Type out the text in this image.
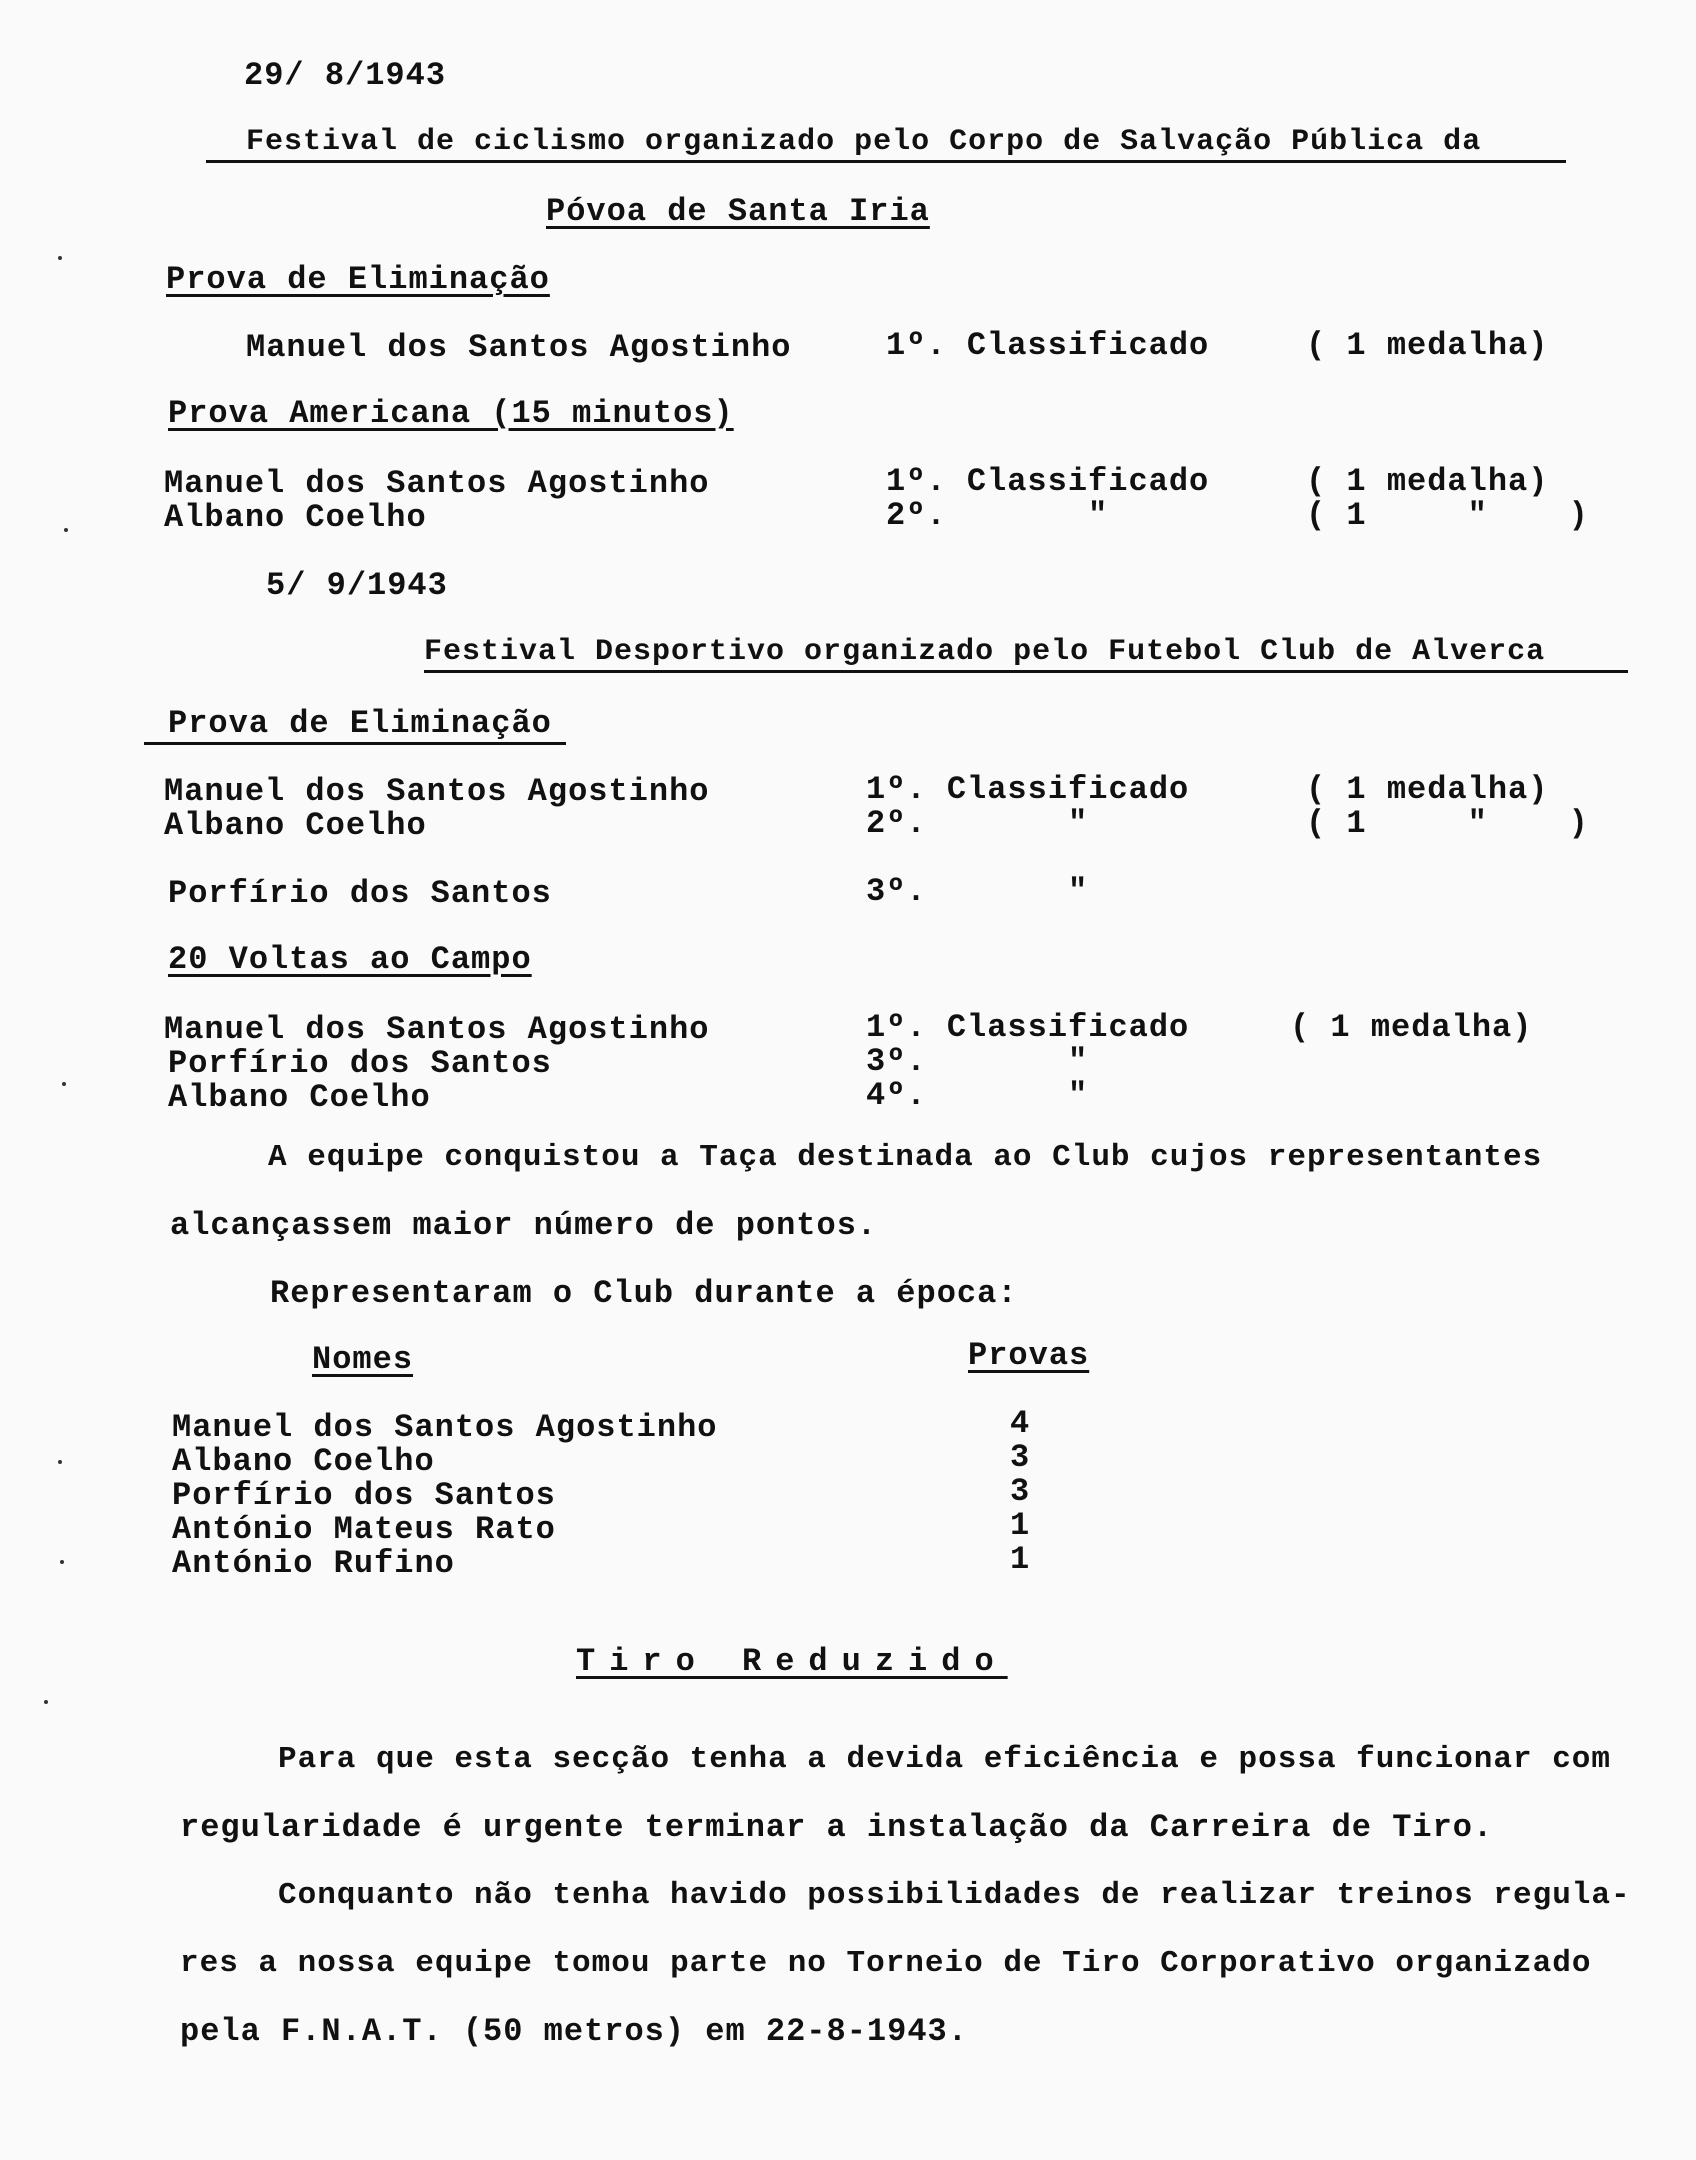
29/ 8/1943
Festival de ciclismo organizado pelo Corpo de Salvação Pública da
Póvoa de Santa Iria
Prova de Eliminação
Manuel dos Santos Agostinho	1º. Classificado	( 1 medalha)
Prova Americana (15 minutos)
Manuel dos Santos Agostinho	1º. Classificado	( 1 medalha)
Albano Coelho	2º.       "	( 1     "    )
5/ 9/1943
Festival Desportivo organizado pelo Futebol Club de Alverca
Prova de Eliminação
Manuel dos Santos Agostinho	1º. Classificado	( 1 medalha)
Albano Coelho	2º.       "	( 1     "    )
Porfírio dos Santos	3º.       "
20 Voltas ao Campo
Manuel dos Santos Agostinho	1º. Classificado	( 1 medalha)
Porfírio dos Santos	3º.       "
Albano Coelho	4º.       "
A equipe conquistou a Taça destinada ao Club cujos representantes
alcançassem maior número de pontos.
Representaram o Club durante a época:
Nomes	Provas
Manuel dos Santos Agostinho	4
Albano Coelho	3
Porfírio dos Santos	3
António Mateus Rato	1
António Rufino	1
Tiro Reduzido
Para que esta secção tenha a devida eficiência e possa funcionar com
regularidade é urgente terminar a instalação da Carreira de Tiro.
Conquanto não tenha havido possibilidades de realizar treinos regula-
res a nossa equipe tomou parte no Torneio de Tiro Corporativo organizado
pela F.N.A.T. (50 metros) em 22-8-1943.
